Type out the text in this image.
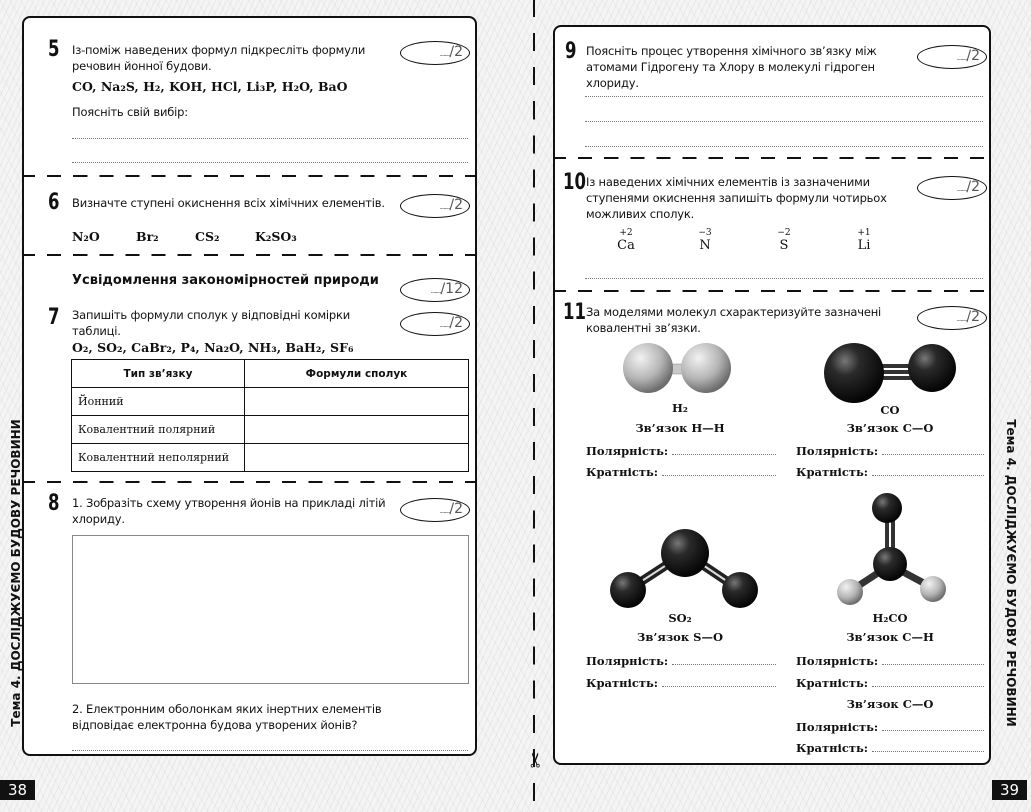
✂
Тема 4. ДОСЛІДЖУЄМО БУДОВУ РЕЧОВИНИ
38
5 Із-поміж наведених формул підкресліть формули речовин йонної будови.
......../2
CO, Na₂S, H₂, KOH, HCl, Li₃P, H₂O, BaO
Поясніть свій вибір:
6 Визначте ступені окиснення всіх хімічних елементів.	......../2
N₂O	Br₂	CS₂	K₂SO₃
Усвідомлення закономірностей природи
......../12
7 Запишіть формули сполук у відповідні комірки таблиці.	......../2
O₂, SO₂, CaBr₂, P₄, Na₂O, NH₃, BaH₂, SF₆
Тип зв’язку	Формули сполук
Йонний	
Ковалентний полярний	
Ковалентний неполярний	
8 1. Зобразіть схему утворення йонів на прикладі літій хлориду.
......../2
2. Електронним оболонкам яких інертних елементів відповідає електронна будова утворених йонів?	Тема 4. ДОСЛІДЖУЄМО БУДОВУ РЕЧОВИНИ
39
9 Поясніть процес утворення хімічного зв’язку між атомами Гідрогену та Хлору в молекулі гідроген хлориду.
......../2
10 Із наведених хімічних елементів із зазначеними ступенями окиснення запишіть формули чотирьох можливих сполук.
......../2
+2
Ca
−3
N
−2
S
+1
Li
11 За моделями молекул схарактеризуйте зазначені ковалентні зв’язки.
......../2
H₂
Зв’язок H—H
Полярність:
Кратність:
CO
Зв’язок C—O
Полярність:
Кратність:
SO₂
Зв’язок S—O
Полярність:
Кратність:
H₂CO
Зв’язок C—H
Полярність:
Кратність:
Зв’язок C—O
Полярність:
Кратність:
